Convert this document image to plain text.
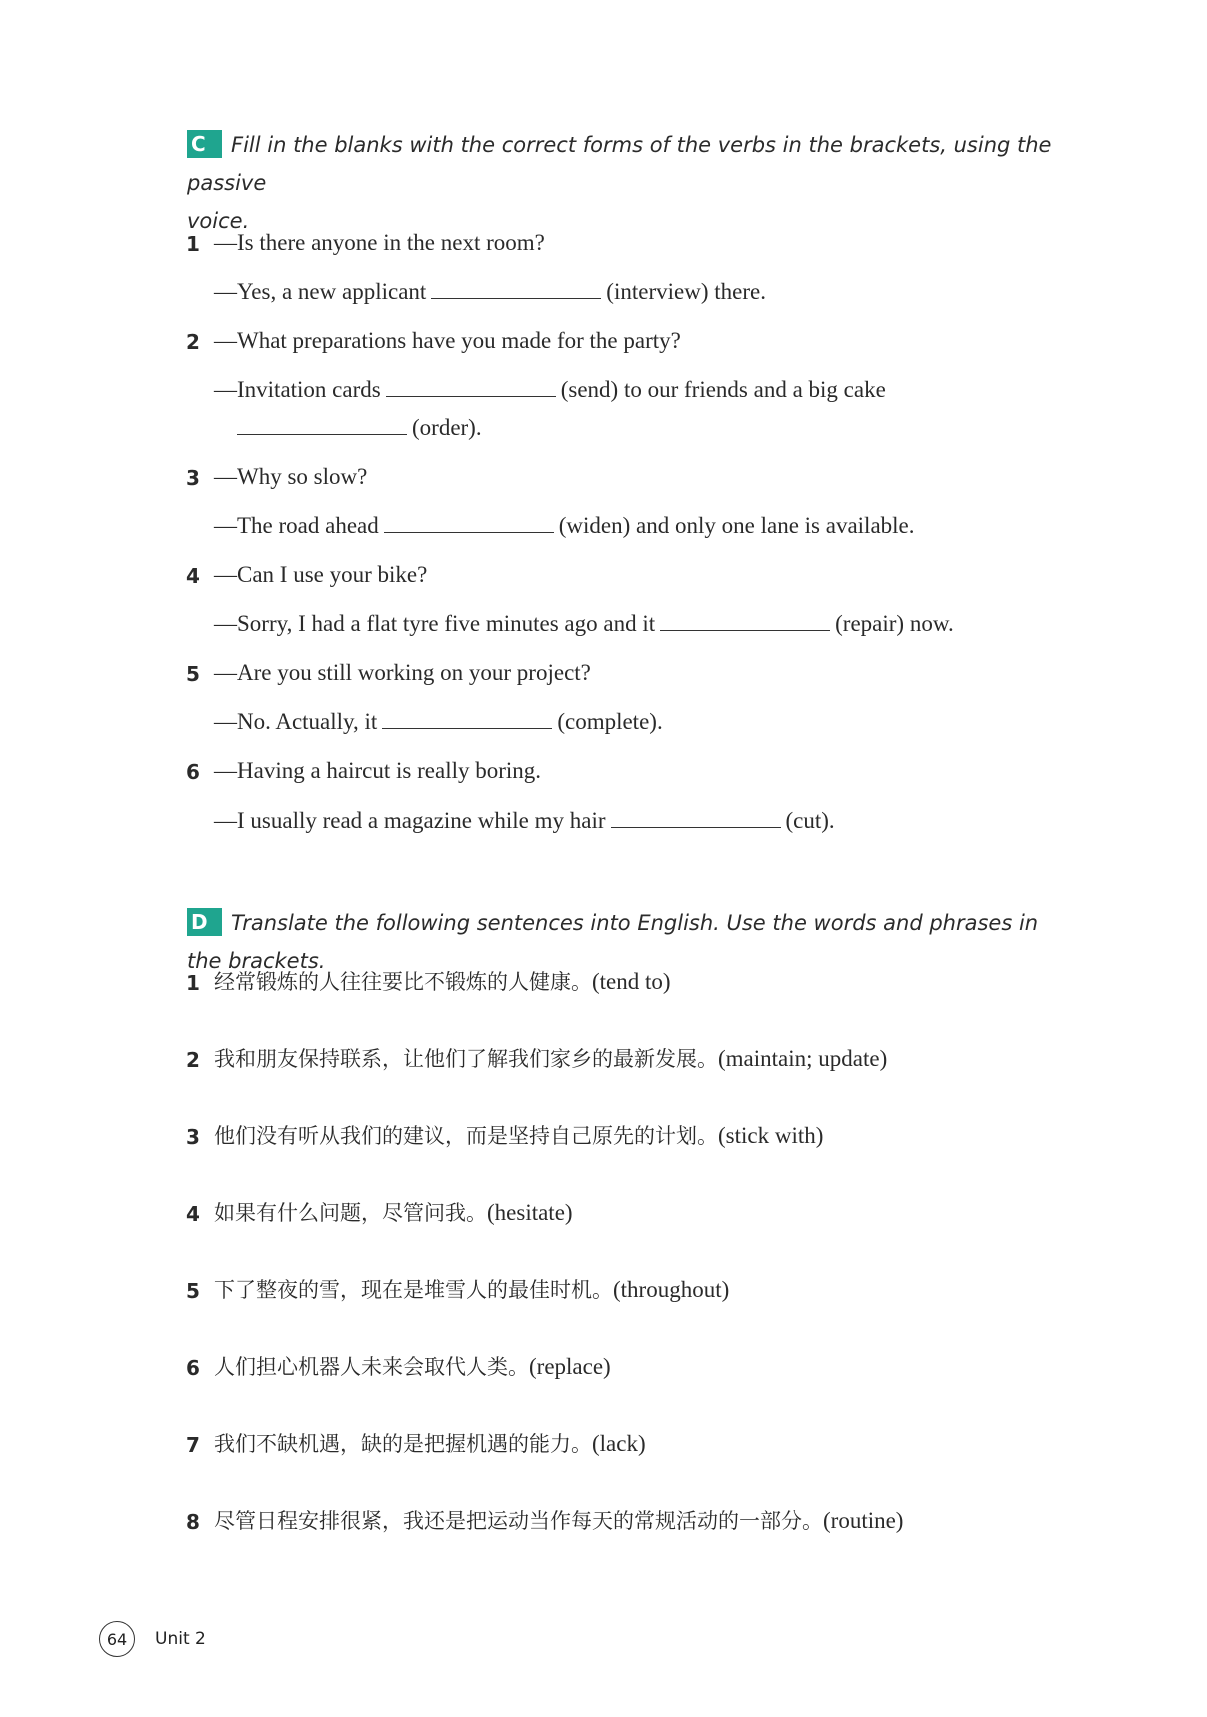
C Fill in the blanks with the correct forms of the verbs in the brackets, using the passive
voice.
1 —Is there anyone in the next room?
—Yes, a new applicant	(interview) there.
2 —What preparations have you made for the party?
—Invitation cards	(send) to our friends and a big cake
(order).
3 —Why so slow?
—The road ahead	(widen) and only one lane is available.
4 —Can I use your bike?
—Sorry, I had a flat tyre five minutes ago and it	(repair) now.
5 —Are you still working on your project?
—No. Actually, it	(complete).
6 —Having a haircut is really boring.
—I usually read a magazine while my hair	(cut).
D Translate the following sentences into English. Use the words and phrases in the brackets.
1 经常锻炼的人往往要比不锻炼的人健康。(tend to)
2 我和朋友保持联系，让他们了解我们家乡的最新发展。(maintain; update)
3 他们没有听从我们的建议，而是坚持自己原先的计划。(stick with)
4 如果有什么问题，尽管问我。(hesitate)
5 下了整夜的雪，现在是堆雪人的最佳时机。(throughout)
6 人们担心机器人未来会取代人类。(replace)
7 我们不缺机遇，缺的是把握机遇的能力。(lack)
8 尽管日程安排很紧，我还是把运动当作每天的常规活动的一部分。(routine)
64	Unit 2
